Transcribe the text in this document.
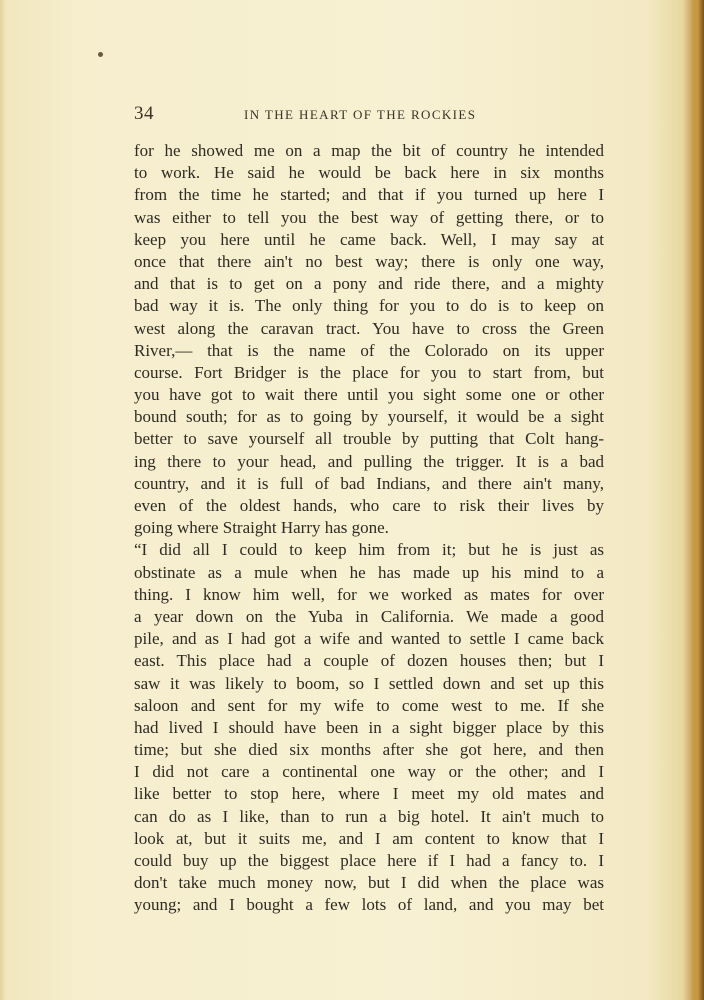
34	IN THE HEART OF THE ROCKIES
for he showed me on a map the bit of country he intended
to work. He said he would be back here in six months
from the time he started; and that if you turned up here I
was either to tell you the best way of getting there, or to
keep you here until he came back. Well, I may say at
once that there ain't no best way; there is only one way,
and that is to get on a pony and ride there, and a mighty
bad way it is. The only thing for you to do is to keep on
west along the caravan tract. You have to cross the Green
River,— that is the name of the Colorado on its upper
course. Fort Bridger is the place for you to start from, but
you have got to wait there until you sight some one or other
bound south; for as to going by yourself, it would be a sight
better to save yourself all trouble by putting that Colt hang-
ing there to your head, and pulling the trigger. It is a bad
country, and it is full of bad Indians, and there ain't many,
even of the oldest hands, who care to risk their lives by
going where Straight Harry has gone.
“I did all I could to keep him from it; but he is just as
obstinate as a mule when he has made up his mind to a
thing. I know him well, for we worked as mates for over
a year down on the Yuba in California. We made a good
pile, and as I had got a wife and wanted to settle I came back
east. This place had a couple of dozen houses then; but I
saw it was likely to boom, so I settled down and set up this
saloon and sent for my wife to come west to me. If she
had lived I should have been in a sight bigger place by this
time; but she died six months after she got here, and then
I did not care a continental one way or the other; and I
like better to stop here, where I meet my old mates and
can do as I like, than to run a big hotel. It ain't much to
look at, but it suits me, and I am content to know that I
could buy up the biggest place here if I had a fancy to. I
don't take much money now, but I did when the place was
young; and I bought a few lots of land, and you may bet
